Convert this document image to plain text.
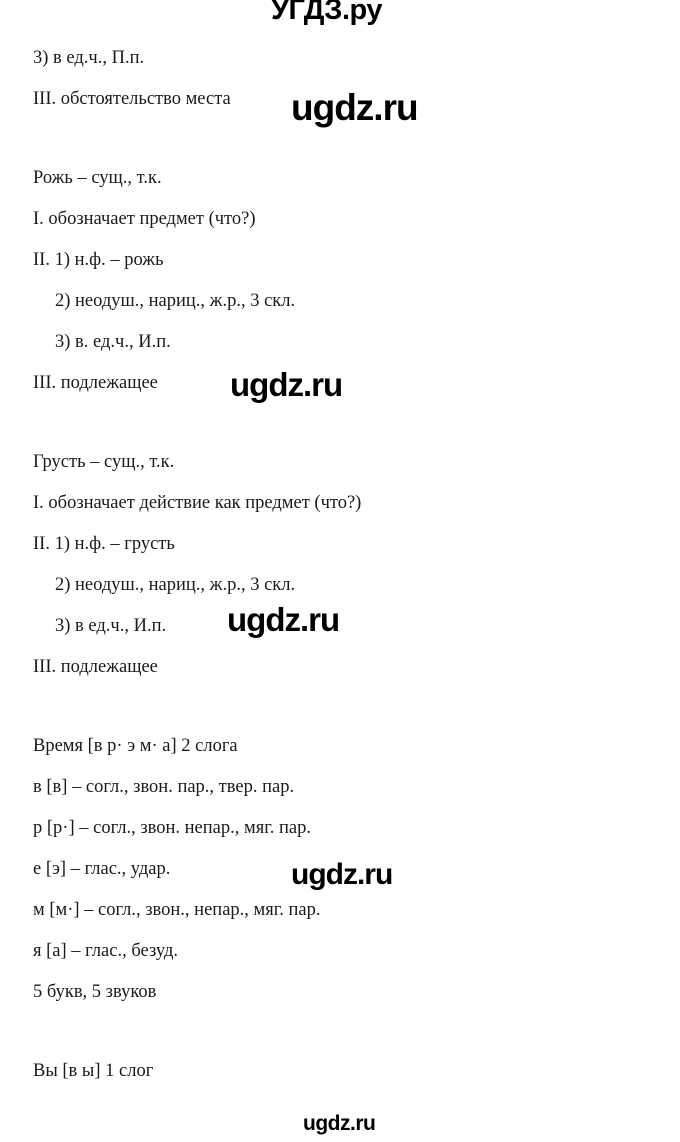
УГДЗ.ру
3) в ед.ч., П.п.
III. обстоятельство места
Рожь – сущ., т.к.
I. обозначает предмет (что?)
II. 1) н.ф. – рожь
2) неодуш., нариц., ж.р., 3 скл.
3) в. ед.ч., И.п.
III. подлежащее
Грусть – сущ., т.к.
I. обозначает действие как предмет (что?)
II. 1) н.ф. – грусть
2) неодуш., нариц., ж.р., 3 скл.
3) в ед.ч., И.п.
III. подлежащее
Время [в р· э м· а] 2 слога
в [в] – согл., звон. пар., твер. пар.
р [р·] – согл., звон. непар., мяг. пар.
е [э] – глас., удар.
м [м·] – согл., звон., непар., мяг. пар.
я [а] – глас., безуд.
5 букв, 5 звуков
Вы [в ы] 1 слог
ugdz.ru
ugdz.ru
ugdz.ru
ugdz.ru
ugdz.ru
